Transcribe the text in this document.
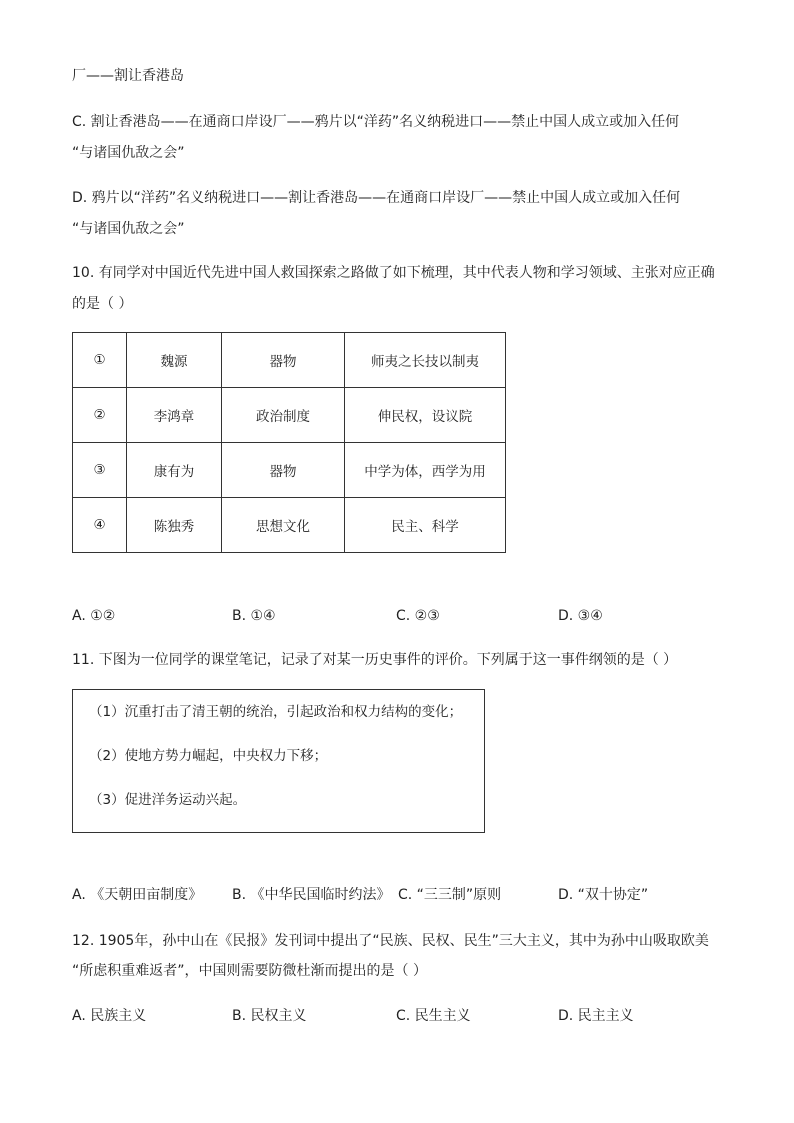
厂——割让香港岛
C. 割让香港岛——在通商口岸设厂——鸦片以“洋药”名义纳税进口——禁止中国人成立或加入任何
“与诸国仇敌之会”
D. 鸦片以“洋药”名义纳税进口——割让香港岛——在通商口岸设厂——禁止中国人成立或加入任何
“与诸国仇敌之会”
10. 有同学对中国近代先进中国人救国探索之路做了如下梳理，其中代表人物和学习领域、主张对应正确
的是（ ）
①	魏源	器物	师夷之长技以制夷
②	李鸿章	政治制度	伸民权，设议院
③	康有为	器物	中学为体，西学为用
④	陈独秀	思想文化	民主、科学
A. ①②	B. ①④	C. ②③	D. ③④
11. 下图为一位同学的课堂笔记，记录了对某一历史事件的评价。下列属于这一事件纲领的是（ ）
（1）沉重打击了清王朝的统治，引起政治和权力结构的变化；
（2）使地方势力崛起，中央权力下移；
（3）促进洋务运动兴起。
A. 《天朝田亩制度》 B. 《中华民国临时约法》 C. “三三制”原则	D. “双十协定”
12. 1905年，孙中山在《民报》发刊词中提出了“民族、民权、民生”三大主义，其中为孙中山吸取欧美
“所虑积重难返者”，中国则需要防微杜渐而提出的是（ ）
A. 民族主义	B. 民权主义	C. 民生主义	D. 民主主义
